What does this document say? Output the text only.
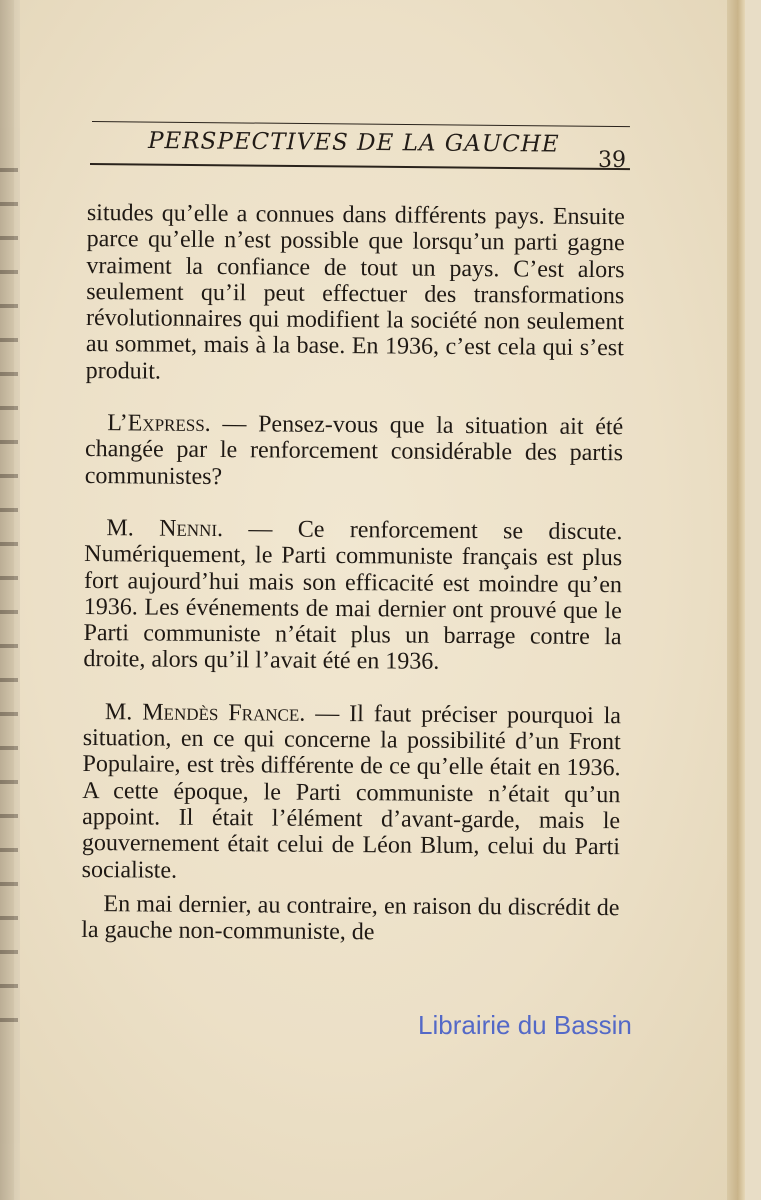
PERSPECTIVES DE LA GAUCHE
39

situdes qu’elle a connues dans différents pays. Ensuite parce qu’elle n’est possible que lorsqu’un parti gagne vraiment la confiance de tout un pays. C’est alors seulement qu’il peut effectuer des transformations révolutionnaires qui modifient la société non seulement au sommet, mais à la base. En 1936, c’est cela qui s’est produit.

L’Express. — Pensez-vous que la situation ait été changée par le renforcement considérable des partis communistes?

M. Nenni. — Ce renforcement se discute. Numériquement, le Parti communiste français est plus fort aujourd’hui mais son efficacité est moindre qu’en 1936. Les événements de mai dernier ont prouvé que le Parti communiste n’était plus un barrage contre la droite, alors qu’il l’avait été en 1936.

M. Mendès France. — Il faut préciser pourquoi la situation, en ce qui concerne la possibilité d’un Front Populaire, est très différente de ce qu’elle était en 1936. A cette époque, le Parti communiste n’était qu’un appoint. Il était l’élément d’avant-garde, mais le gouvernement était celui de Léon Blum, celui du Parti socialiste.

En mai dernier, au contraire, en raison du discrédit de la gauche non-communiste, de

Librairie du Bassin
